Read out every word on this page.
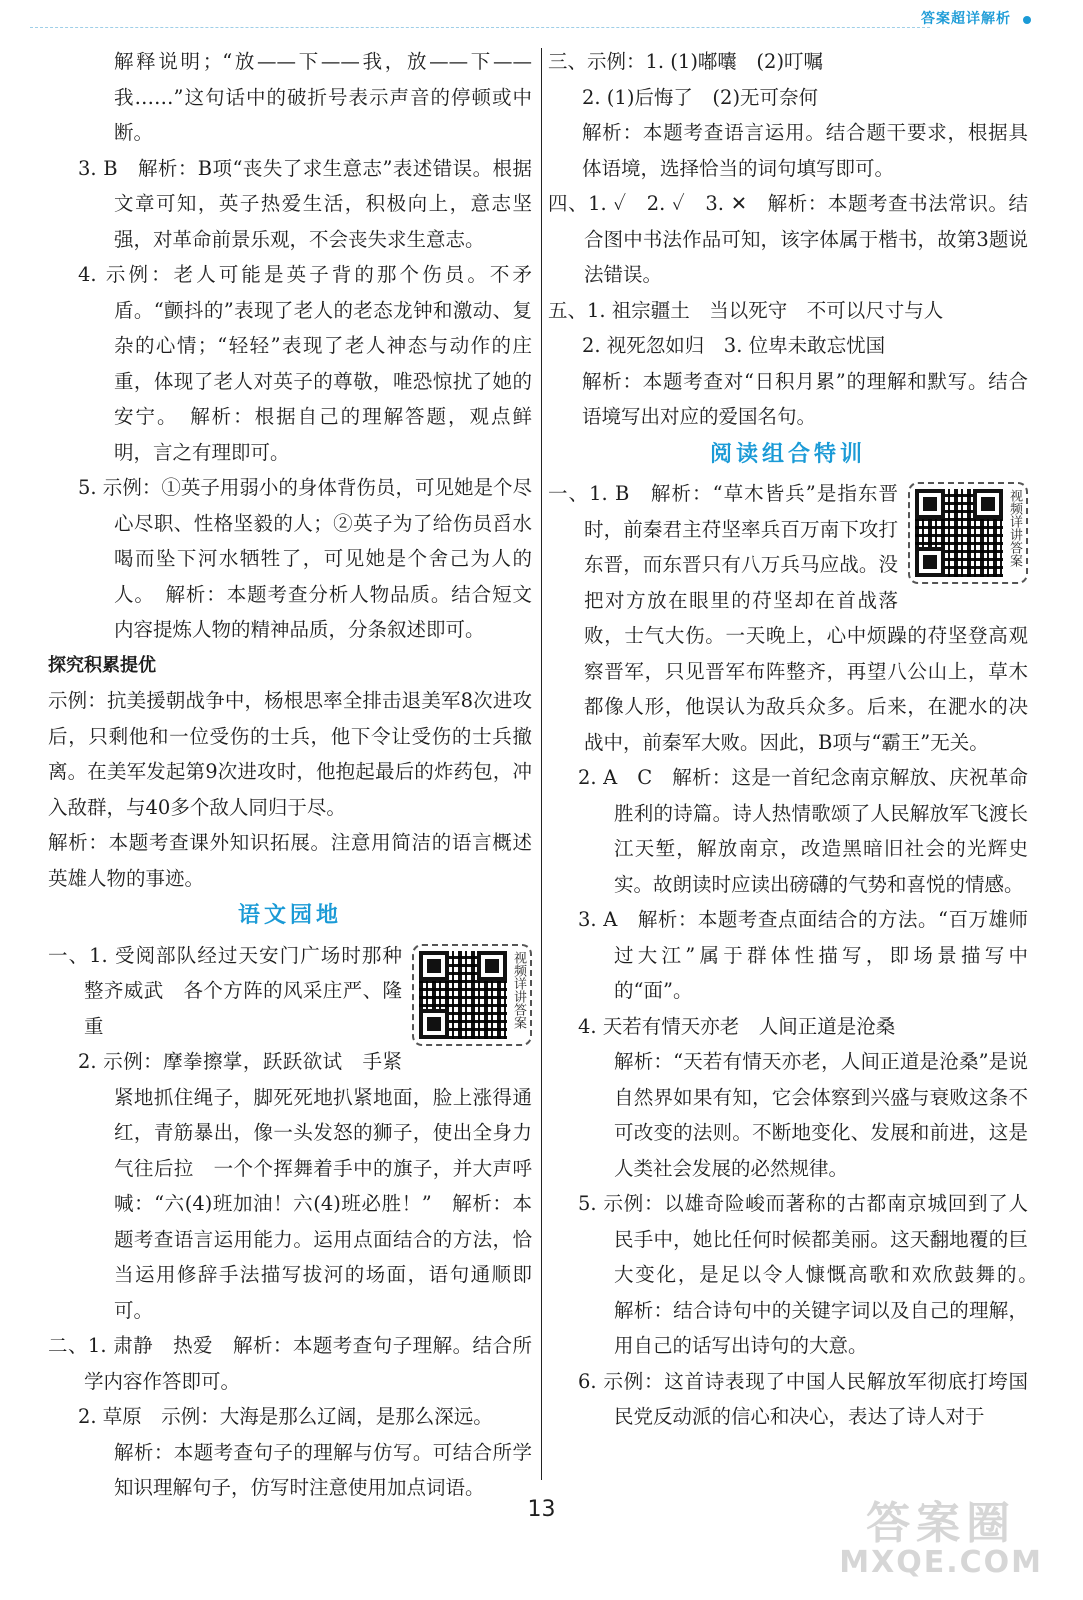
答案超详解析

解释说明；“放——下——我，放——下——我……”这句话中的破折号表示声音的停顿或中断。

3. B　解析：B项“丧失了求生意志”表述错误。根据文章可知，英子热爱生活，积极向上，意志坚强，对革命前景乐观，不会丧失求生意志。

4. 示例：老人可能是英子背的那个伤员。不矛盾。“颤抖的”表现了老人的老态龙钟和激动、复杂的心情；“轻轻”表现了老人神态与动作的庄重，体现了老人对英子的尊敬，唯恐惊扰了她的安宁。　解析：根据自己的理解答题，观点鲜明，言之有理即可。

5. 示例：①英子用弱小的身体背伤员，可见她是个尽心尽职、性格坚毅的人；②英子为了给伤员舀水喝而坠下河水牺牲了，可见她是个舍己为人的人。　解析：本题考查分析人物品质。结合短文内容提炼人物的精神品质，分条叙述即可。

探究积累提优

示例：抗美援朝战争中，杨根思率全排击退美军8次进攻后，只剩他和一位受伤的士兵，他下令让受伤的士兵撤离。在美军发起第9次进攻时，他抱起最后的炸药包，冲入敌群，与40多个敌人同归于尽。

解析：本题考查课外知识拓展。注意用简洁的语言概述英雄人物的事迹。

语文园地
视频详讲答案

一、1. 受阅部队经过天安门广场时那种整齐威武　各个方阵的风采庄严、隆重

2. 示例：摩拳擦掌，跃跃欲试　手紧紧地抓住绳子，脚死死地扒紧地面，脸上涨得通红，青筋暴出，像一头发怒的狮子，使出全身力气往后拉　一个个挥舞着手中的旗子，并大声呼喊：“六(4)班加油！六(4)班必胜！”　解析：本题考查语言运用能力。运用点面结合的方法，恰当运用修辞手法描写拔河的场面，语句通顺即可。

二、1. 肃静　热爱　解析：本题考查句子理解。结合所学内容作答即可。

2. 草原　示例：大海是那么辽阔，是那么深远。

解析：本题考查句子的理解与仿写。可结合所学知识理解句子，仿写时注意使用加点词语。

三、示例：1. (1)嘟囔　(2)叮嘱

2. (1)后悔了　(2)无可奈何

解析：本题考查语言运用。结合题干要求，根据具体语境，选择恰当的词句填写即可。

四、1. ✓　2. ✓　3. ✕　解析：本题考查书法常识。结合图中书法作品可知，该字体属于楷书，故第3题说法错误。

五、1. 祖宗疆土　当以死守　不可以尺寸与人

2. 视死忽如归　3. 位卑未敢忘忧国

解析：本题考查对“日积月累”的理解和默写。结合语境写出对应的爱国名句。

阅读组合特训
视频详讲答案

一、1. B　解析：“草木皆兵”是指东晋时，前秦君主苻坚率兵百万南下攻打东晋，而东晋只有八万兵马应战。没把对方放在眼里的苻坚却在首战落败，士气大伤。一天晚上，心中烦躁的苻坚登高观察晋军，只见晋军布阵整齐，再望八公山上，草木都像人形，他误认为敌兵众多。后来，在淝水的决战中，前秦军大败。因此，B项与“霸王”无关。

2. A　C　解析：这是一首纪念南京解放、庆祝革命胜利的诗篇。诗人热情歌颂了人民解放军飞渡长江天堑，解放南京，改造黑暗旧社会的光辉史实。故朗读时应读出磅礴的气势和喜悦的情感。

3. A　解析：本题考查点面结合的方法。“百万雄师过大江”属于群体性描写，即场景描写中的“面”。

4. 天若有情天亦老　人间正道是沧桑

解析：“天若有情天亦老，人间正道是沧桑”是说自然界如果有知，它会体察到兴盛与衰败这条不可改变的法则。不断地变化、发展和前进，这是人类社会发展的必然规律。

5. 示例：以雄奇险峻而著称的古都南京城回到了人民手中，她比任何时候都美丽。这天翻地覆的巨大变化，是足以令人慷慨高歌和欢欣鼓舞的。　解析：结合诗句中的关键字词以及自己的理解，用自己的话写出诗句的大意。

6. 示例：这首诗表现了中国人民解放军彻底打垮国民党反动派的信心和决心，表达了诗人对于

13	答案圈
MXQE.COM
